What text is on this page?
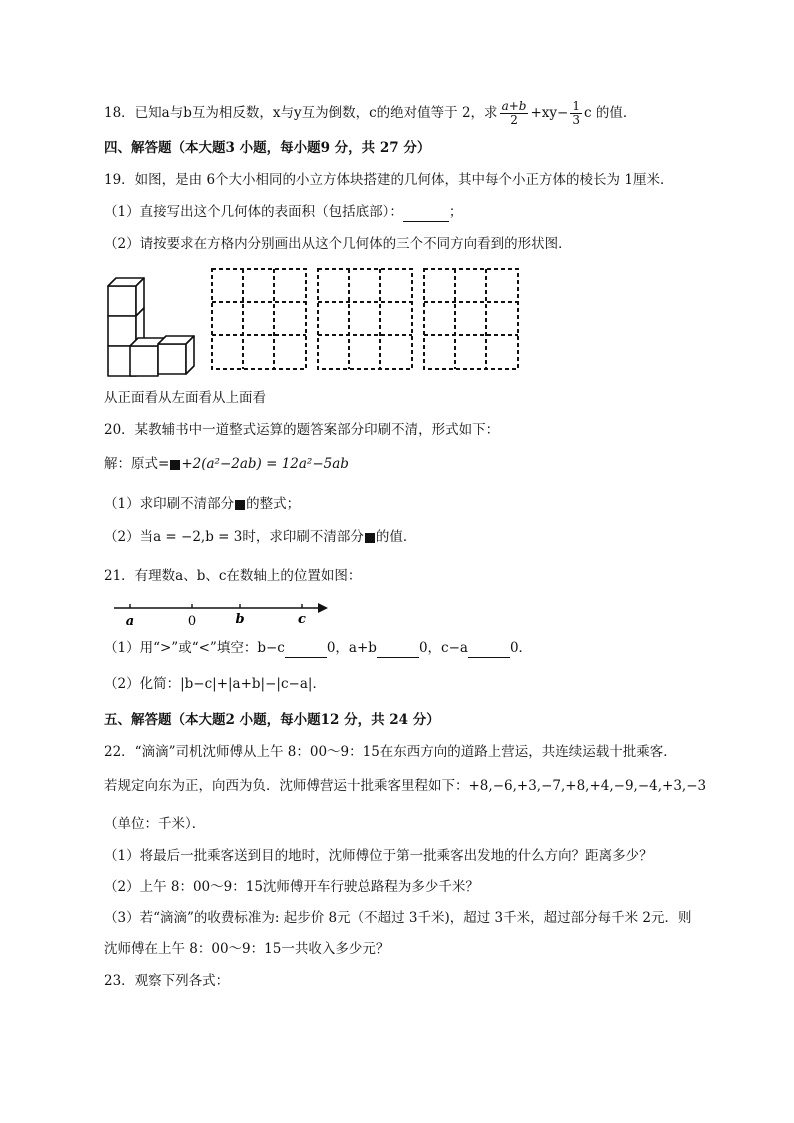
18．已知a与b互为相反数，x与y互为倒数，c的绝对值等于 2，求 $\frac{a+b}{2} +xy- \frac{1}{3}$ c 的值．
四、解答题（本大题3 小题，每小题9 分，共 27 分）
19．如图，是由 6个大小相同的小立方体块搭建的几何体，其中每个小正方体的棱长为 1厘米．
（1）直接写出这个几何体的表面积（包括底部）：	；
（2）请按要求在方格内分别画出从这个几何体的三个不同方向看到的形状图．
从正面看从左面看从上面看
20．某教辅书中一道整式运算的题答案部分印刷不清，形式如下：
解：原式= +2(a²−2ab) = 12a²−5ab
（1）求印刷不清部分 的整式；
（2）当a = −2,b = 3时，求印刷不清部分 的值．
21．有理数a、b、c在数轴上的位置如图：
a	0	b	c
（1）用“>”或“<”填空：b−c	0，a+b	0，c−a	0．
（2）化简：|b−c|+|a+b|−|c−a|．
五、解答题（本大题2 小题，每小题12 分，共 24 分）
22．“滴滴”司机沈师傅从上午 8：00～9：15在东西方向的道路上营运，共连续运载十批乘客．
若规定向东为正，向西为负．沈师傅营运十批乘客里程如下：+8,−6,+3,−7,+8,+4,−9,−4,+3,−3
（单位：千米）．
（1）将最后一批乘客送到目的地时，沈师傅位于第一批乘客出发地的什么方向？距离多少？
（2）上午 8：00～9：15沈师傅开车行驶总路程为多少千米？
（3）若“滴滴”的收费标准为: 起步价 8元（不超过 3千米)，超过 3千米，超过部分每千米 2元．则
沈师傅在上午 8：00～9：15一共收入多少元？
23．观察下列各式：
